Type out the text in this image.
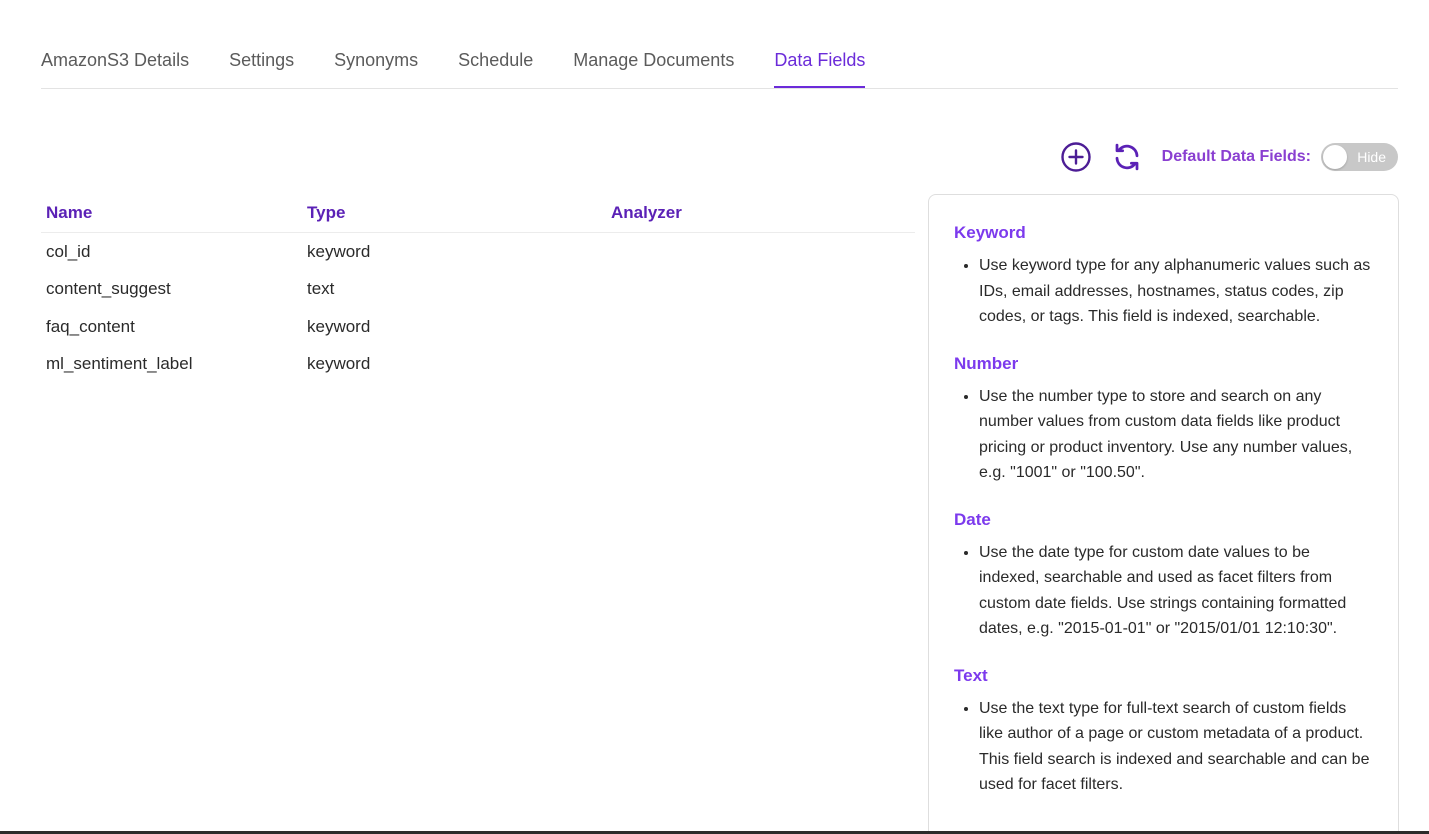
AmazonS3 Details Settings Synonyms Schedule Manage Documents Data Fields
Default Data Fields:	Hide
Name	Type	Analyzer
col_id	keyword
content_suggest	text
faq_content	keyword
ml_sentiment_label	keyword
Keyword
• Use keyword type for any alphanumeric values such as IDs, email addresses, hostnames, status codes, zip codes, or tags. This field is indexed, searchable.
Number
• Use the number type to store and search on any number values from custom data fields like product pricing or product inventory. Use any number values, e.g. "1001" or "100.50".
Date
• Use the date type for custom date values to be indexed, searchable and used as facet filters from custom date fields. Use strings containing formatted dates, e.g. "2015-01-01" or "2015/01/01 12:10:30".
Text
• Use the text type for full-text search of custom fields like author of a page or custom metadata of a product. This field search is indexed and searchable and can be used for facet filters.
